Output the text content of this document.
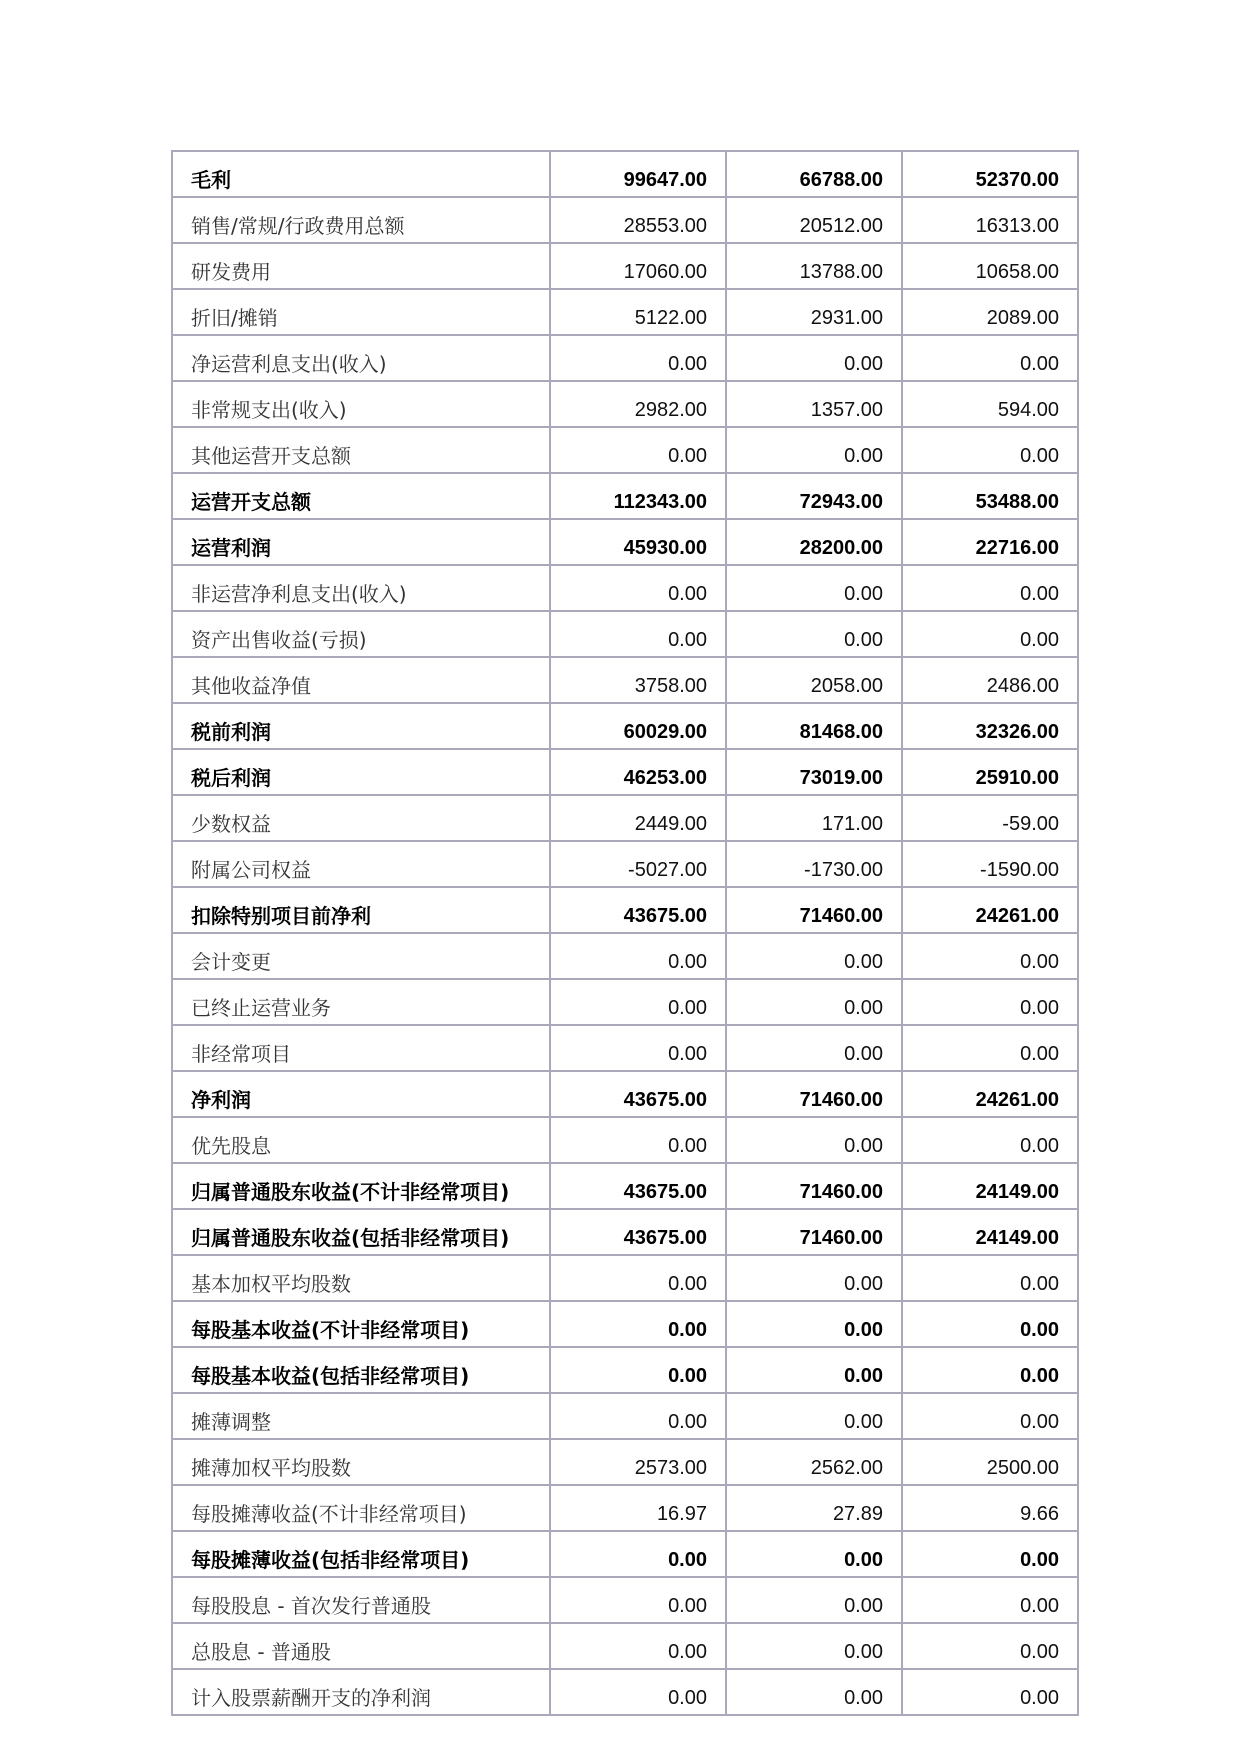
毛利	99647.00	66788.00	52370.00
销售/常规/行政费用总额	28553.00	20512.00	16313.00
研发费用	17060.00	13788.00	10658.00
折旧/摊销	5122.00	2931.00	2089.00
净运营利息支出(收入)	0.00	0.00	0.00
非常规支出(收入)	2982.00	1357.00	594.00
其他运营开支总额	0.00	0.00	0.00
运营开支总额	112343.00	72943.00	53488.00
运营利润	45930.00	28200.00	22716.00
非运营净利息支出(收入)	0.00	0.00	0.00
资产出售收益(亏损)	0.00	0.00	0.00
其他收益净值	3758.00	2058.00	2486.00
税前利润	60029.00	81468.00	32326.00
税后利润	46253.00	73019.00	25910.00
少数权益	2449.00	171.00	-59.00
附属公司权益	-5027.00	-1730.00	-1590.00
扣除特别项目前净利	43675.00	71460.00	24261.00
会计变更	0.00	0.00	0.00
已终止运营业务	0.00	0.00	0.00
非经常项目	0.00	0.00	0.00
净利润	43675.00	71460.00	24261.00
优先股息	0.00	0.00	0.00
归属普通股东收益(不计非经常项目)	43675.00	71460.00	24149.00
归属普通股东收益(包括非经常项目)	43675.00	71460.00	24149.00
基本加权平均股数	0.00	0.00	0.00
每股基本收益(不计非经常项目)	0.00	0.00	0.00
每股基本收益(包括非经常项目)	0.00	0.00	0.00
摊薄调整	0.00	0.00	0.00
摊薄加权平均股数	2573.00	2562.00	2500.00
每股摊薄收益(不计非经常项目)	16.97	27.89	9.66
每股摊薄收益(包括非经常项目)	0.00	0.00	0.00
每股股息 - 首次发行普通股	0.00	0.00	0.00
总股息 - 普通股	0.00	0.00	0.00
计入股票薪酬开支的净利润	0.00	0.00	0.00
